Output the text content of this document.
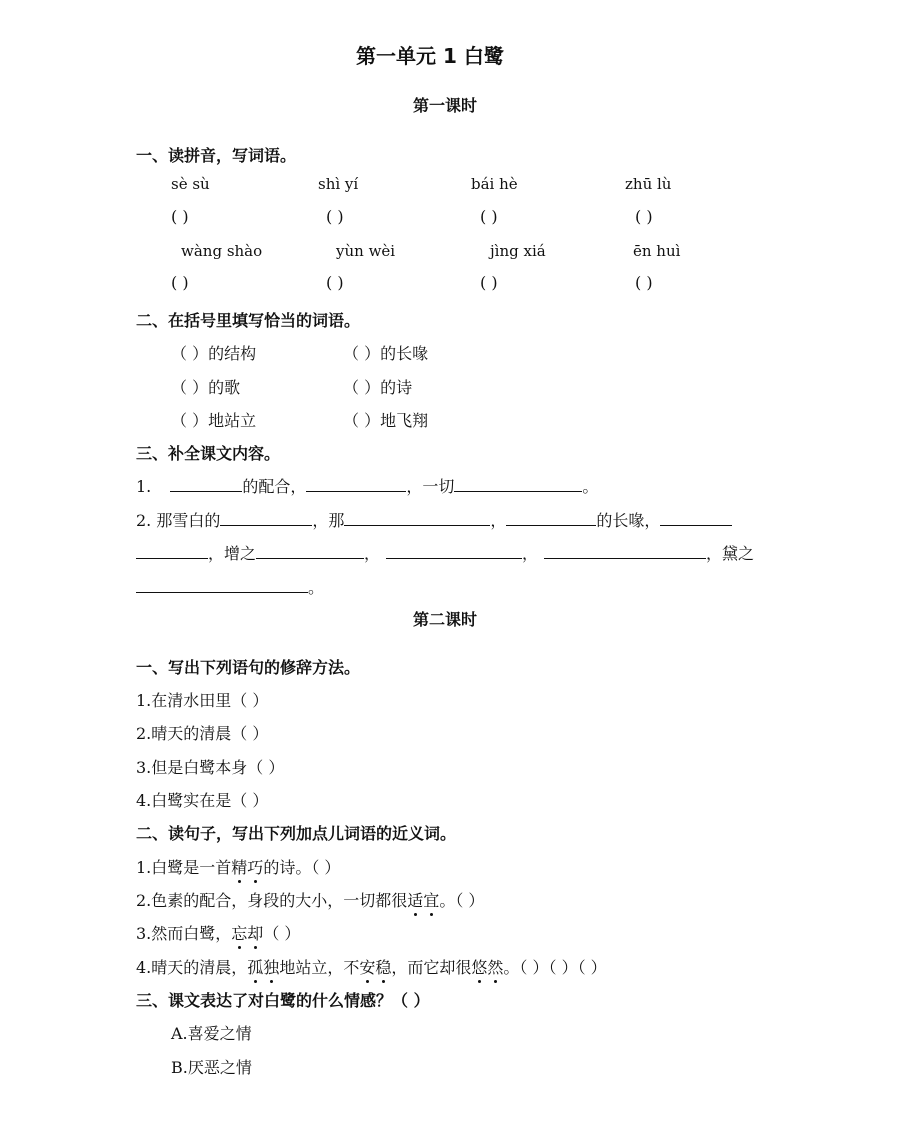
第一单元 1 白鹭
第一课时
一、读拼音，写词语。
sè sù	shì yí	bái hè	zhū lù
( )	( )	( )	( )
wàng shào	yùn wèi	jìng xiá	ēn huì
( )	( )	( )	( )
二、在括号里填写恰当的词语。
（ ）的结构	（ ）的长喙
（ ）的歌	（ ）的诗
（ ）地站立	（ ）地飞翔
三、补全课文内容。
1.	的配合，	，一切	。
2. 那雪白的	，那	，	的长喙，
，增之	，	，	，黛之
。
第二课时
一、写出下列语句的修辞方法。
1.在清水田里（ ）
2.晴天的清晨（ ）
3.但是白鹭本身（ ）
4.白鹭实在是（ ）
二、读句子，写出下列加点儿词语的近义词。
1.白鹭是一首精巧的诗。（ ）
2.色素的配合，身段的大小，一切都很适宜。（ ）
3.然而白鹭，忘却（ ）
4.晴天的清晨，孤独地站立，不安稳，而它却很悠然。（ ）（ ）（ ）
三、课文表达了对白鹭的什么情感？（ ）
A.喜爱之情
B.厌恶之情
